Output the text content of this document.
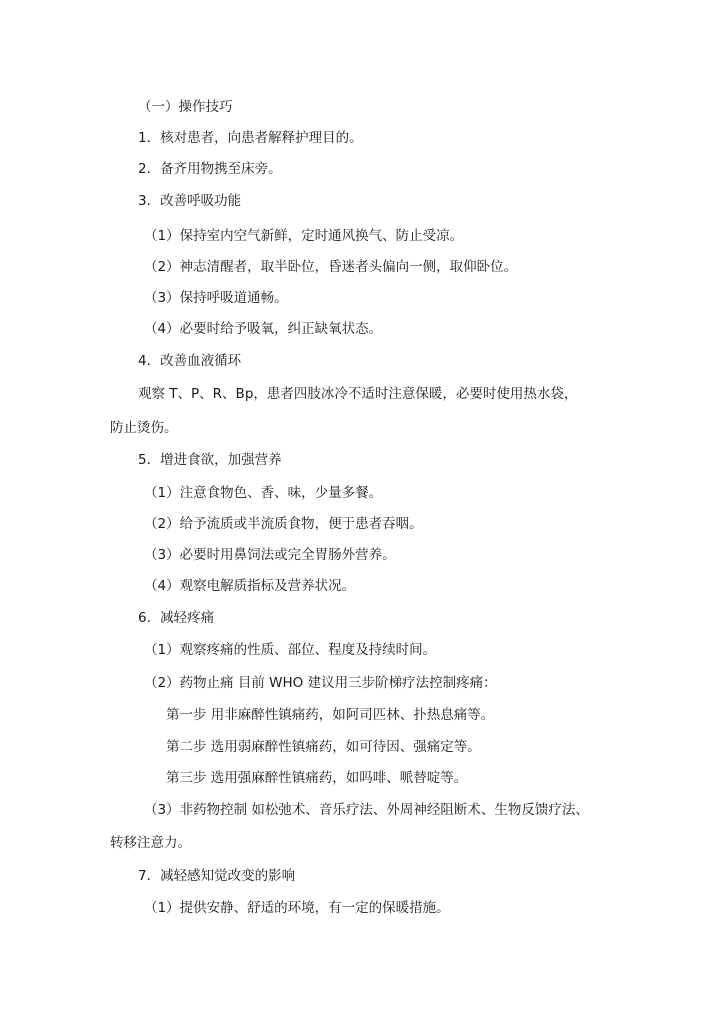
（一）操作技巧
1．核对患者，向患者解释护理目的。
2．备齐用物携至床旁。
3．改善呼吸功能
（1）保持室内空气新鲜，定时通风换气、防止受凉。
（2）神志清醒者，取半卧位，昏迷者头偏向一侧，取仰卧位。
（3）保持呼吸道通畅。
（4）必要时给予吸氧，纠正缺氧状态。
4．改善血液循环
观察 T、P、R、Bp，患者四肢冰冷不适时注意保暖，必要时使用热水袋，
防止烫伤。
5．增进食欲，加强营养
（1）注意食物色、香、味，少量多餐。
（2）给予流质或半流质食物，便于患者吞咽。
（3）必要时用鼻饲法或完全胃肠外营养。
（4）观察电解质指标及营养状况。
6．减轻疼痛
（1）观察疼痛的性质、部位、程度及持续时间。
（2）药物止痛 目前 WHO 建议用三步阶梯疗法控制疼痛：
第一步 用非麻醉性镇痛药，如阿司匹林、扑热息痛等。
第二步 选用弱麻醉性镇痛药，如可待因、强痛定等。
第三步 选用强麻醉性镇痛药，如吗啡、哌替啶等。
（3）非药物控制 如松弛术、音乐疗法、外周神经阻断术、生物反馈疗法、
转移注意力。
7．减轻感知觉改变的影响
（1）提供安静、舒适的环境，有一定的保暖措施。
